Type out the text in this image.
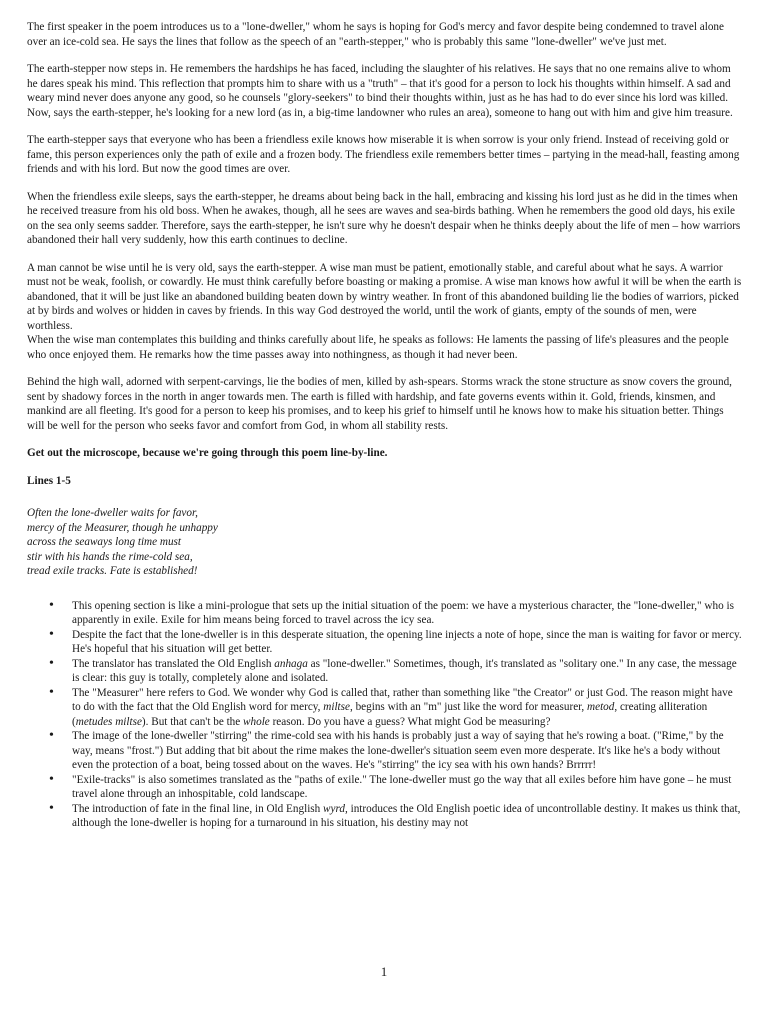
The first speaker in the poem introduces us to a "lone-dweller," whom he says is hoping for God's mercy and favor despite being condemned to travel alone over an ice-cold sea. He says the lines that follow as the speech of an "earth-stepper," who is probably this same "lone-dweller" we've just met.

The earth-stepper now steps in. He remembers the hardships he has faced, including the slaughter of his relatives. He says that no one remains alive to whom he dares speak his mind. This reflection that prompts him to share with us a "truth" – that it's good for a person to lock his thoughts within himself. A sad and weary mind never does anyone any good, so he counsels "glory-seekers" to bind their thoughts within, just as he has had to do ever since his lord was killed. Now, says the earth-stepper, he's looking for a new lord (as in, a big-time landowner who rules an area), someone to hang out with him and give him treasure.

The earth-stepper says that everyone who has been a friendless exile knows how miserable it is when sorrow is your only friend. Instead of receiving gold or fame, this person experiences only the path of exile and a frozen body. The friendless exile remembers better times – partying in the mead-hall, feasting among friends and with his lord. But now the good times are over.

When the friendless exile sleeps, says the earth-stepper, he dreams about being back in the hall, embracing and kissing his lord just as he did in the times when he received treasure from his old boss. When he awakes, though, all he sees are waves and sea-birds bathing. When he remembers the good old days, his exile on the sea only seems sadder. Therefore, says the earth-stepper, he isn't sure why he doesn't despair when he thinks deeply about the life of men – how warriors abandoned their hall very suddenly, how this earth continues to decline.

A man cannot be wise until he is very old, says the earth-stepper. A wise man must be patient, emotionally stable, and careful about what he says. A warrior must not be weak, foolish, or cowardly. He must think carefully before boasting or making a promise. A wise man knows how awful it will be when the earth is abandoned, that it will be just like an abandoned building beaten down by wintry weather. In front of this abandoned building lie the bodies of warriors, picked at by birds and wolves or hidden in caves by friends. In this way God destroyed the world, until the work of giants, empty of the sounds of men, were worthless.

When the wise man contemplates this building and thinks carefully about life, he speaks as follows: He laments the passing of life's pleasures and the people who once enjoyed them. He remarks how the time passes away into nothingness, as though it had never been.

Behind the high wall, adorned with serpent-carvings, lie the bodies of men, killed by ash-spears. Storms wrack the stone structure as snow covers the ground, sent by shadowy forces in the north in anger towards men. The earth is filled with hardship, and fate governs events within it. Gold, friends, kinsmen, and mankind are all fleeting. It's good for a person to keep his promises, and to keep his grief to himself until he knows how to make his situation better. Things will be well for the person who seeks favor and comfort from God, in whom all stability rests.

Get out the microscope, because we're going through this poem line-by-line.

Lines 1-5

Often the lone-dweller waits for favor,
mercy of the Measurer, though he unhappy
across the seaways long time must
stir with his hands the rime-cold sea,
tread exile tracks. Fate is established!
• This opening section is like a mini-prologue that sets up the initial situation of the poem: we have a mysterious character, the "lone-dweller," who is apparently in exile. Exile for him means being forced to travel across the icy sea.
• Despite the fact that the lone-dweller is in this desperate situation, the opening line injects a note of hope, since the man is waiting for favor or mercy. He's hopeful that his situation will get better.
• The translator has translated the Old English anhaga as "lone-dweller." Sometimes, though, it's translated as "solitary one." In any case, the message is clear: this guy is totally, completely alone and isolated.
• The "Measurer" here refers to God. We wonder why God is called that, rather than something like "the Creator" or just God. The reason might have to do with the fact that the Old English word for mercy, miltse, begins with an "m" just like the word for measurer, metod, creating alliteration (metudes miltse). But that can't be the whole reason. Do you have a guess? What might God be measuring?
• The image of the lone-dweller "stirring" the rime-cold sea with his hands is probably just a way of saying that he's rowing a boat. ("Rime," by the way, means "frost.") But adding that bit about the rime makes the lone-dweller's situation seem even more desperate. It's like he's a body without even the protection of a boat, being tossed about on the waves. He's "stirring" the icy sea with his own hands? Brrrrr!
• "Exile-tracks" is also sometimes translated as the "paths of exile." The lone-dweller must go the way that all exiles before him have gone – he must travel alone through an inhospitable, cold landscape.
• The introduction of fate in the final line, in Old English wyrd, introduces the Old English poetic idea of uncontrollable destiny. It makes us think that, although the lone-dweller is hoping for a turnaround in his situation, his destiny may not
1
